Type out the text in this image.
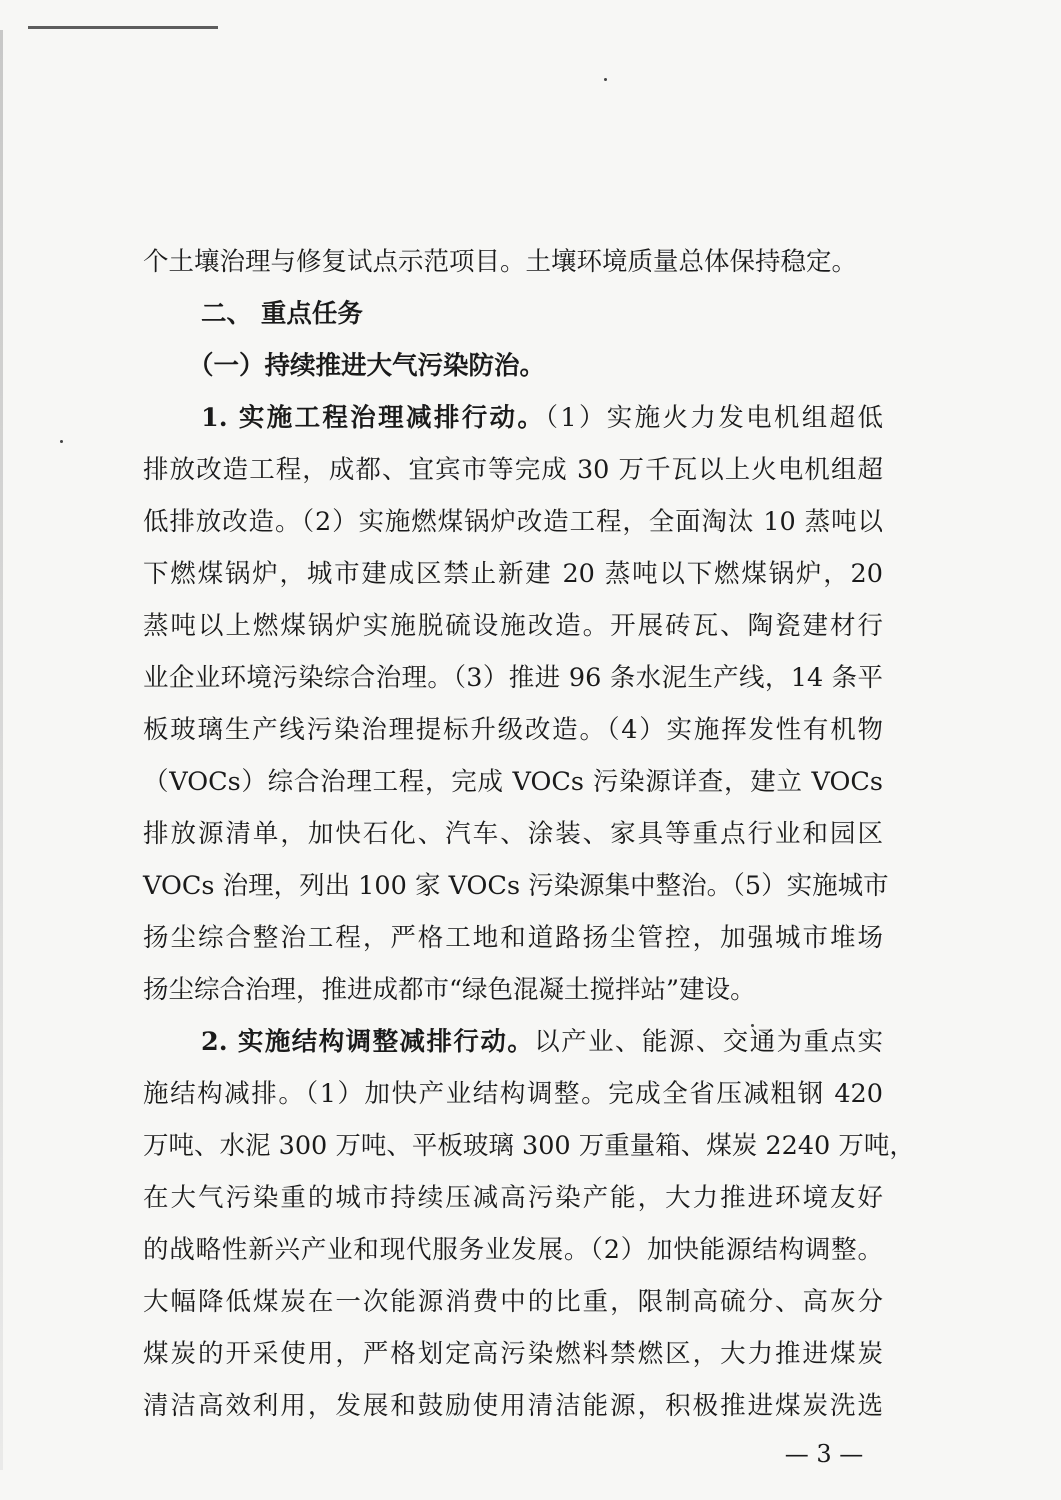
个土壤治理与修复试点示范项目。土壤环境质量总体保持稳定。
二、 重点任务
（一）持续推进大气污染防治。
1. 实施工程治理减排行动。（1）实施火力发电机组超低
排放改造工程，成都、宜宾市等完成 30 万千瓦以上火电机组超
低排放改造。（2）实施燃煤锅炉改造工程，全面淘汰 10 蒸吨以
下燃煤锅炉，城市建成区禁止新建 20 蒸吨以下燃煤锅炉，20
蒸吨以上燃煤锅炉实施脱硫设施改造。开展砖瓦、陶瓷建材行
业企业环境污染综合治理。（3）推进 96 条水泥生产线，14 条平
板玻璃生产线污染治理提标升级改造。（4）实施挥发性有机物
（VOCs）综合治理工程，完成 VOCs 污染源详查，建立 VOCs
排放源清单，加快石化、汽车、涂装、家具等重点行业和园区
VOCs 治理，列出 100 家 VOCs 污染源集中整治。（5）实施城市
扬尘综合整治工程，严格工地和道路扬尘管控，加强城市堆场
扬尘综合治理，推进成都市“绿色混凝土搅拌站”建设。
2. 实施结构调整减排行动。以产业、能源、交通为重点实
施结构减排。（1）加快产业结构调整。完成全省压减粗钢 420
万吨、水泥 300 万吨、平板玻璃 300 万重量箱、煤炭 2240 万吨，
在大气污染重的城市持续压减高污染产能，大力推进环境友好
的战略性新兴产业和现代服务业发展。（2）加快能源结构调整。
大幅降低煤炭在一次能源消费中的比重，限制高硫分、高灰分
煤炭的开采使用，严格划定高污染燃料禁燃区，大力推进煤炭
清洁高效利用，发展和鼓励使用清洁能源，积极推进煤炭洗选
— 3 —
